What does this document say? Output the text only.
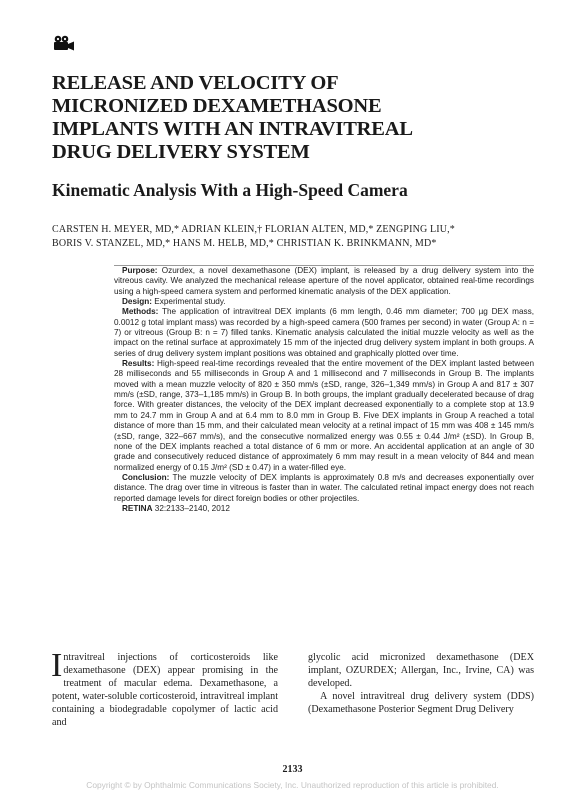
RELEASE AND VELOCITY OF
MICRONIZED DEXAMETHASONE
IMPLANTS WITH AN INTRAVITREAL
DRUG DELIVERY SYSTEM
Kinematic Analysis With a High-Speed Camera
CARSTEN H. MEYER, MD,* ADRIAN KLEIN,† FLORIAN ALTEN, MD,* ZENGPING LIU,*
BORIS V. STANZEL, MD,* HANS M. HELB, MD,* CHRISTIAN K. BRINKMANN, MD*

Purpose: Ozurdex, a novel dexamethasone (DEX) implant, is released by a drug delivery system into the vitreous cavity. We analyzed the mechanical release aperture of the novel applicator, obtained real-time recordings using a high-speed camera system and performed kinematic analysis of the DEX application.

Design: Experimental study.

Methods: The application of intravitreal DEX implants (6 mm length, 0.46 mm diameter; 700 µg DEX mass, 0.0012 g total implant mass) was recorded by a high-speed camera (500 frames per second) in water (Group A: n = 7) or vitreous (Group B: n = 7) filled tanks. Kinematic analysis calculated the initial muzzle velocity as well as the impact on the retinal surface at approximately 15 mm of the injected drug delivery system implant in both groups. A series of drug delivery system implant positions was obtained and graphically plotted over time.

Results: High-speed real-time recordings revealed that the entire movement of the DEX implant lasted between 28 milliseconds and 55 milliseconds in Group A and 1 millisecond and 7 milliseconds in Group B. The implants moved with a mean muzzle velocity of 820 ± 350 mm/s (±SD, range, 326–1,349 mm/s) in Group A and 817 ± 307 mm/s (±SD, range, 373–1,185 mm/s) in Group B. In both groups, the implant gradually decelerated because of drag force. With greater distances, the velocity of the DEX implant decreased exponentially to a complete stop at 13.9 mm to 24.7 mm in Group A and at 6.4 mm to 8.0 mm in Group B. Five DEX implants in Group A reached a total distance of more than 15 mm, and their calculated mean velocity at a retinal impact of 15 mm was 408 ± 145 mm/s (±SD, range, 322–667 mm/s), and the consecutive normalized energy was 0.55 ± 0.44 J/m² (±SD). In Group B, none of the DEX implants reached a total distance of 6 mm or more. An accidental application at an angle of 30 grade and consecutively reduced distance of approximately 6 mm may result in a mean velocity of 844 and mean normalized energy of 0.15 J/m² (SD ± 0.47) in a water-filled eye.

Conclusion: The muzzle velocity of DEX implants is approximately 0.8 m/s and decreases exponentially over distance. The drag over time in vitreous is faster than in water. The calculated retinal impact energy does not reach reported damage levels for direct foreign bodies or other projectiles.

RETINA 32:2133–2140, 2012

Intravitreal injections of corticosteroids like dexamethasone (DEX) appear promising in the treatment of macular edema. Dexamethasone, a potent, water-soluble corticosteroid, intravitreal implant containing a biodegradable copolymer of lactic acid and

glycolic acid micronized dexamethasone (DEX implant, OZURDEX; Allergan, Inc., Irvine, CA) was developed.

A novel intravitreal drug delivery system (DDS) (Dexamethasone Posterior Segment Drug Delivery

2133
Copyright © by Ophthalmic Communications Society, Inc. Unauthorized reproduction of this article is prohibited.
